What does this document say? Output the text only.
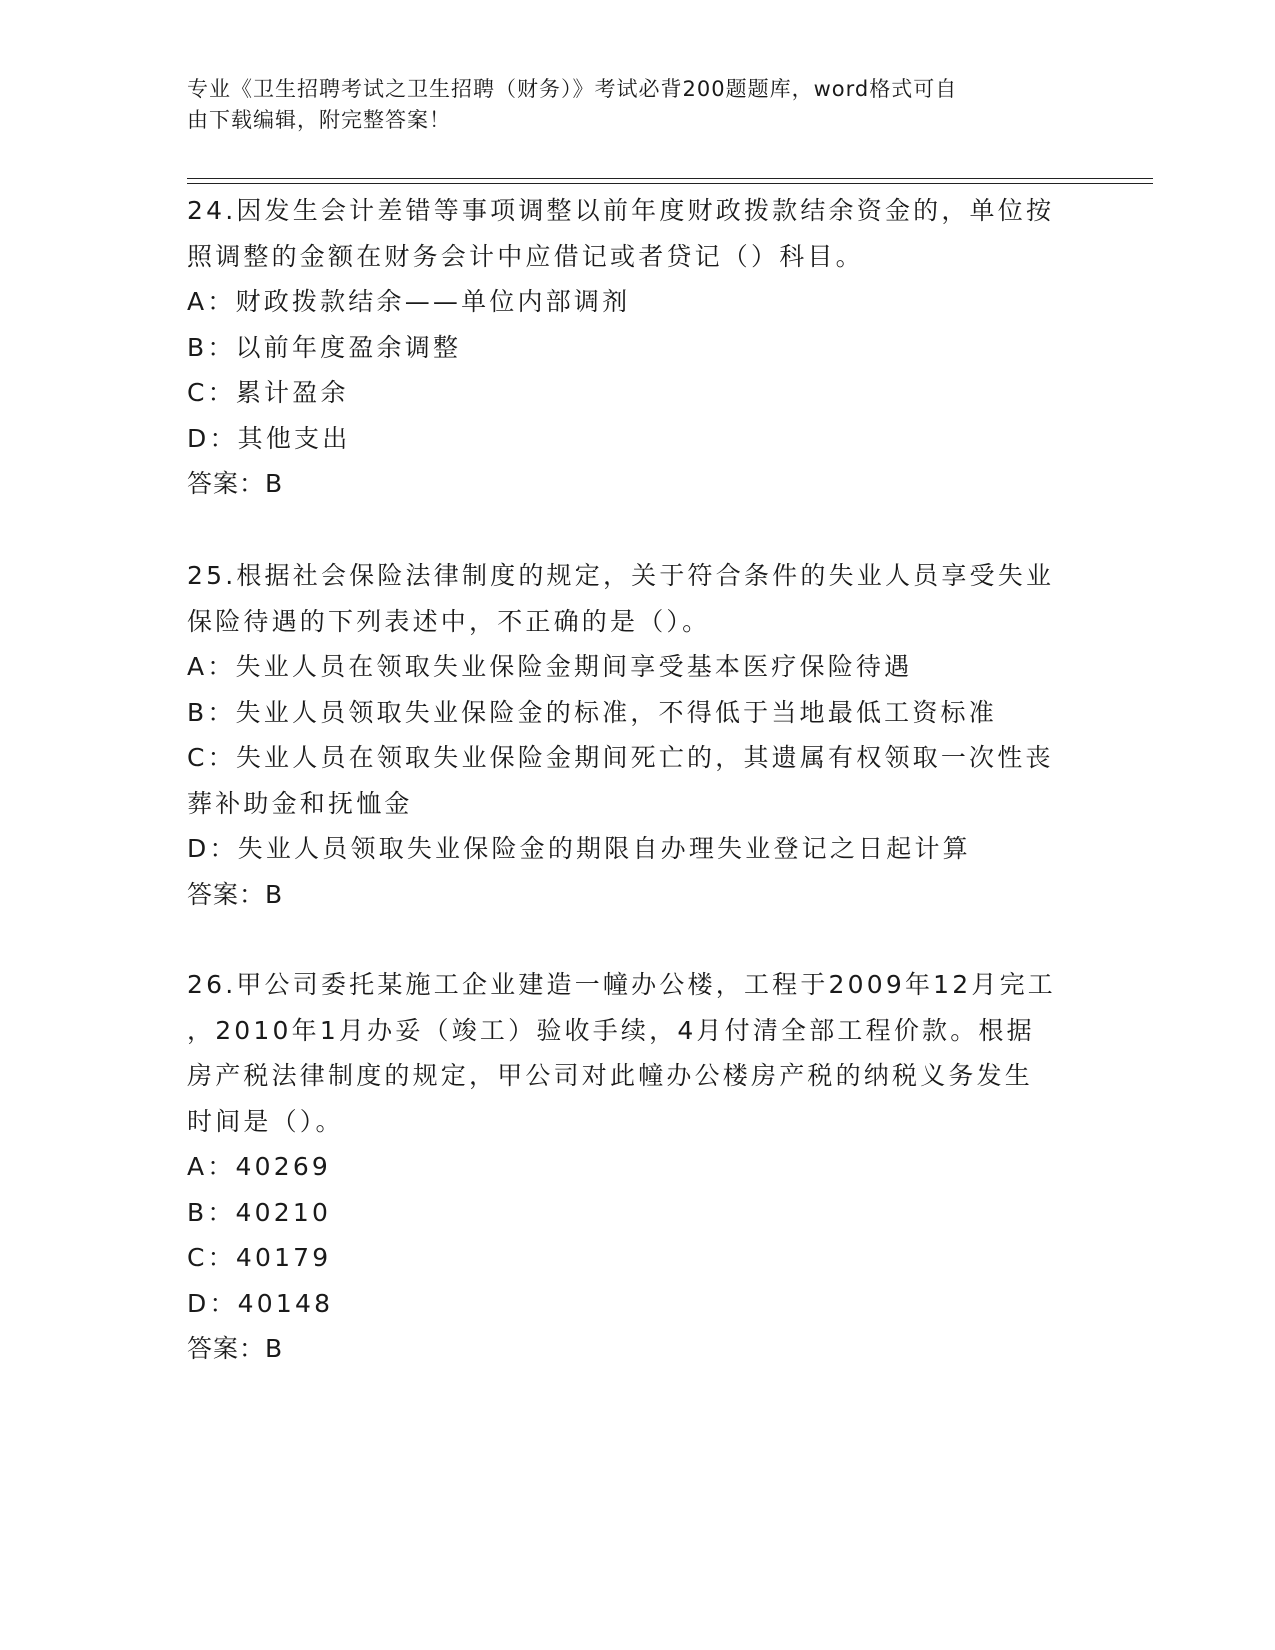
专业《卫生招聘考试之卫生招聘（财务）》考试必背200题题库，word格式可自
由下载编辑，附完整答案！
24.因发生会计差错等事项调整以前年度财政拨款结余资金的，单位按
照调整的金额在财务会计中应借记或者贷记（）科目。
A：财政拨款结余——单位内部调剂
B：以前年度盈余调整
C：累计盈余
D：其他支出
答案：B
25.根据社会保险法律制度的规定，关于符合条件的失业人员享受失业
保险待遇的下列表述中，不正确的是（）。
A：失业人员在领取失业保险金期间享受基本医疗保险待遇
B：失业人员领取失业保险金的标准，不得低于当地最低工资标准
C：失业人员在领取失业保险金期间死亡的，其遗属有权领取一次性丧
葬补助金和抚恤金
D：失业人员领取失业保险金的期限自办理失业登记之日起计算
答案：B
26.甲公司委托某施工企业建造一幢办公楼，工程于2009年12月完工
，2010年1月办妥（竣工）验收手续，4月付清全部工程价款。根据
房产税法律制度的规定，甲公司对此幢办公楼房产税的纳税义务发生
时间是（）。
A：40269
B：40210
C：40179
D：40148
答案：B
